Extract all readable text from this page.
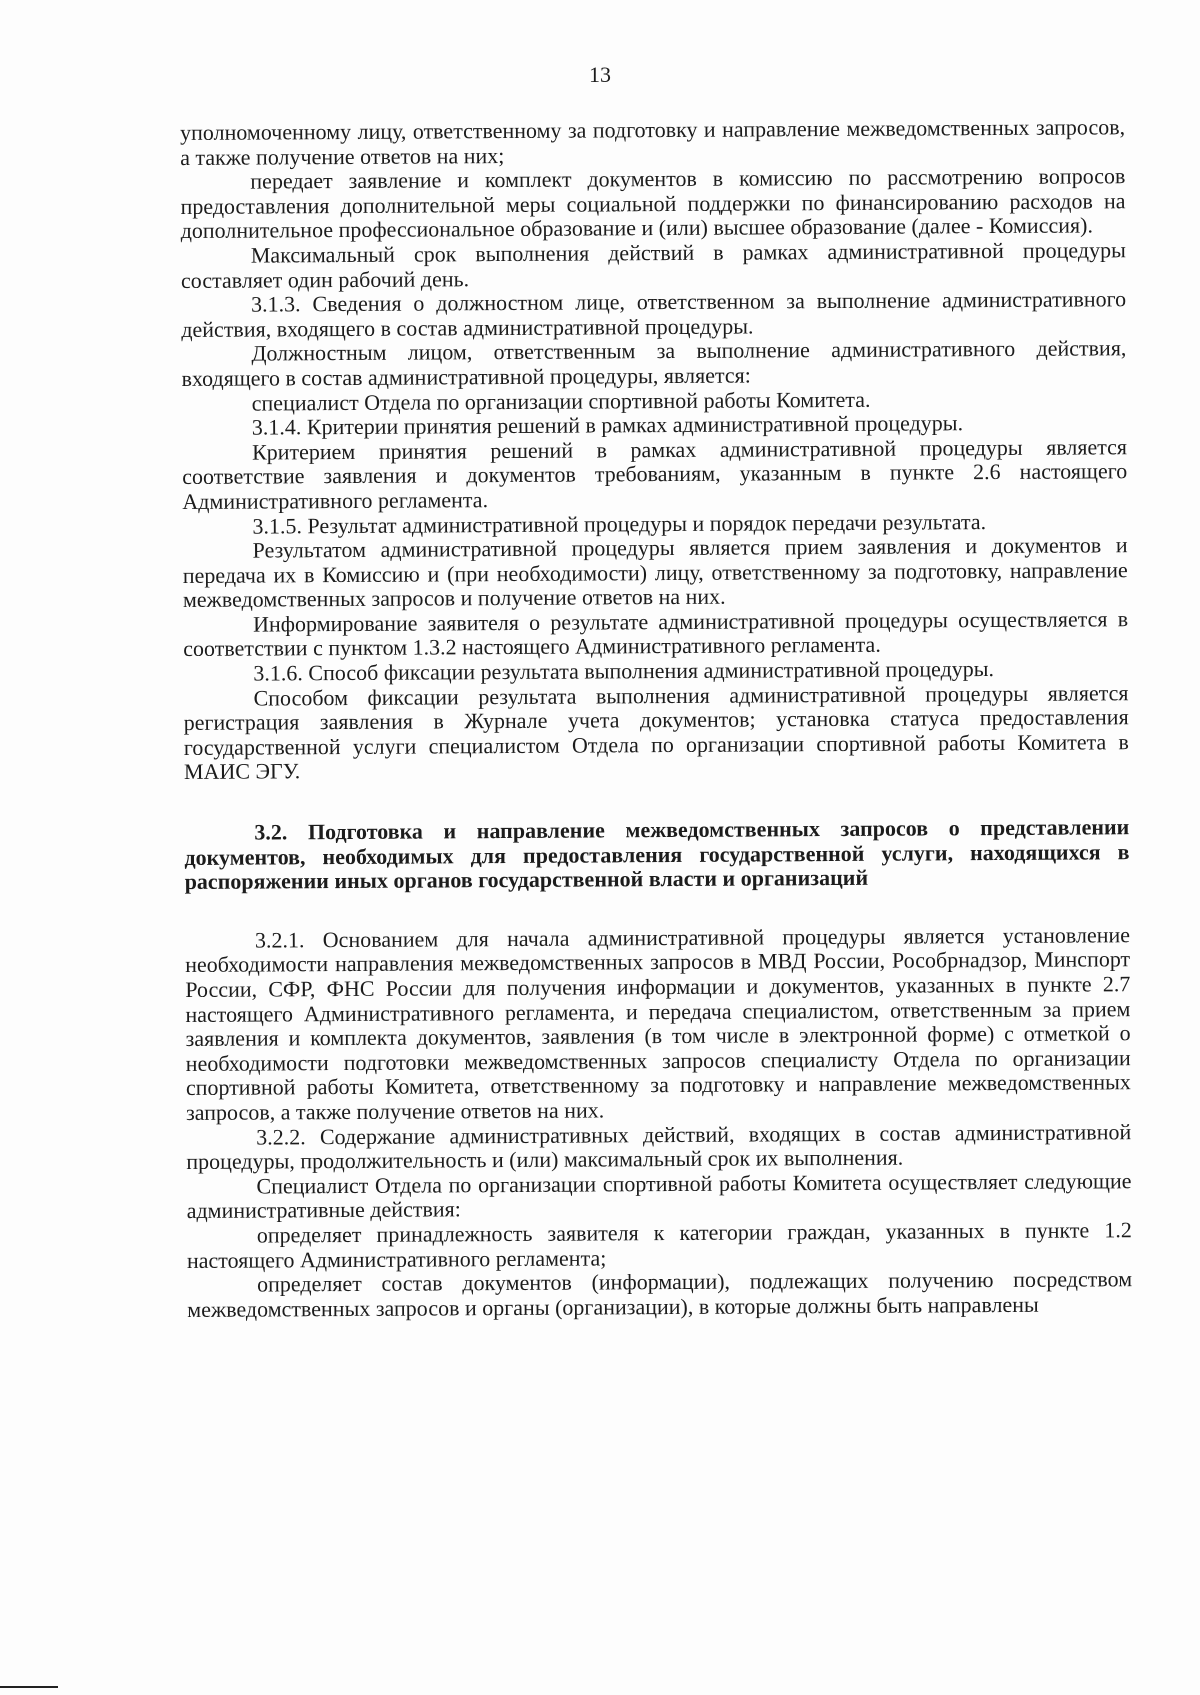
13

уполномоченному лицу, ответственному за подготовку и направление межведомственных запросов, а также получение ответов на них;

передает заявление и комплект документов в комиссию по рассмотрению вопросов предоставления дополнительной меры социальной поддержки по финансированию расходов на дополнительное профессиональное образование и (или) высшее образование (далее - Комиссия).

Максимальный срок выполнения действий в рамках административной процедуры составляет один рабочий день.

3.1.3. Сведения о должностном лице, ответственном за выполнение административного действия, входящего в состав административной процедуры.

Должностным лицом, ответственным за выполнение административного действия, входящего в состав административной процедуры, является:

специалист Отдела по организации спортивной работы Комитета.

3.1.4. Критерии принятия решений в рамках административной процедуры.

Критерием принятия решений в рамках административной процедуры является соответствие заявления и документов требованиям, указанным в пункте 2.6 настоящего Административного регламента.

3.1.5. Результат административной процедуры и порядок передачи результата.

Результатом административной процедуры является прием заявления и документов и передача их в Комиссию и (при необходимости) лицу, ответственному за подготовку, направление межведомственных запросов и получение ответов на них.

Информирование заявителя о результате административной процедуры осуществляется в соответствии с пунктом 1.3.2 настоящего Административного регламента.

3.1.6. Способ фиксации результата выполнения административной процедуры.

Способом фиксации результата выполнения административной процедуры является регистрация заявления в Журнале учета документов; установка статуса предоставления государственной услуги специалистом Отдела по организации спортивной работы Комитета в МАИС ЭГУ.

3.2. Подготовка и направление межведомственных запросов о представлении документов, необходимых для предоставления государственной услуги, находящихся в распоряжении иных органов государственной власти и организаций

3.2.1. Основанием для начала административной процедуры является установление необходимости направления межведомственных запросов в МВД России, Рособрнадзор, Минспорт России, СФР, ФНС России для получения информации и документов, указанных в пункте 2.7 настоящего Административного регламента, и передача специалистом, ответственным за прием заявления и комплекта документов, заявления (в том числе в электронной форме) с отметкой о необходимости подготовки межведомственных запросов специалисту Отдела по организации спортивной работы Комитета, ответственному за подготовку и направление межведомственных запросов, а также получение ответов на них.

3.2.2. Содержание административных действий, входящих в состав административной процедуры, продолжительность и (или) максимальный срок их выполнения.

Специалист Отдела по организации спортивной работы Комитета осуществляет следующие административные действия:

определяет принадлежность заявителя к категории граждан, указанных в пункте 1.2 настоящего Административного регламента;

определяет состав документов (информации), подлежащих получению посредством межведомственных запросов и органы (организации), в которые должны быть направлены
